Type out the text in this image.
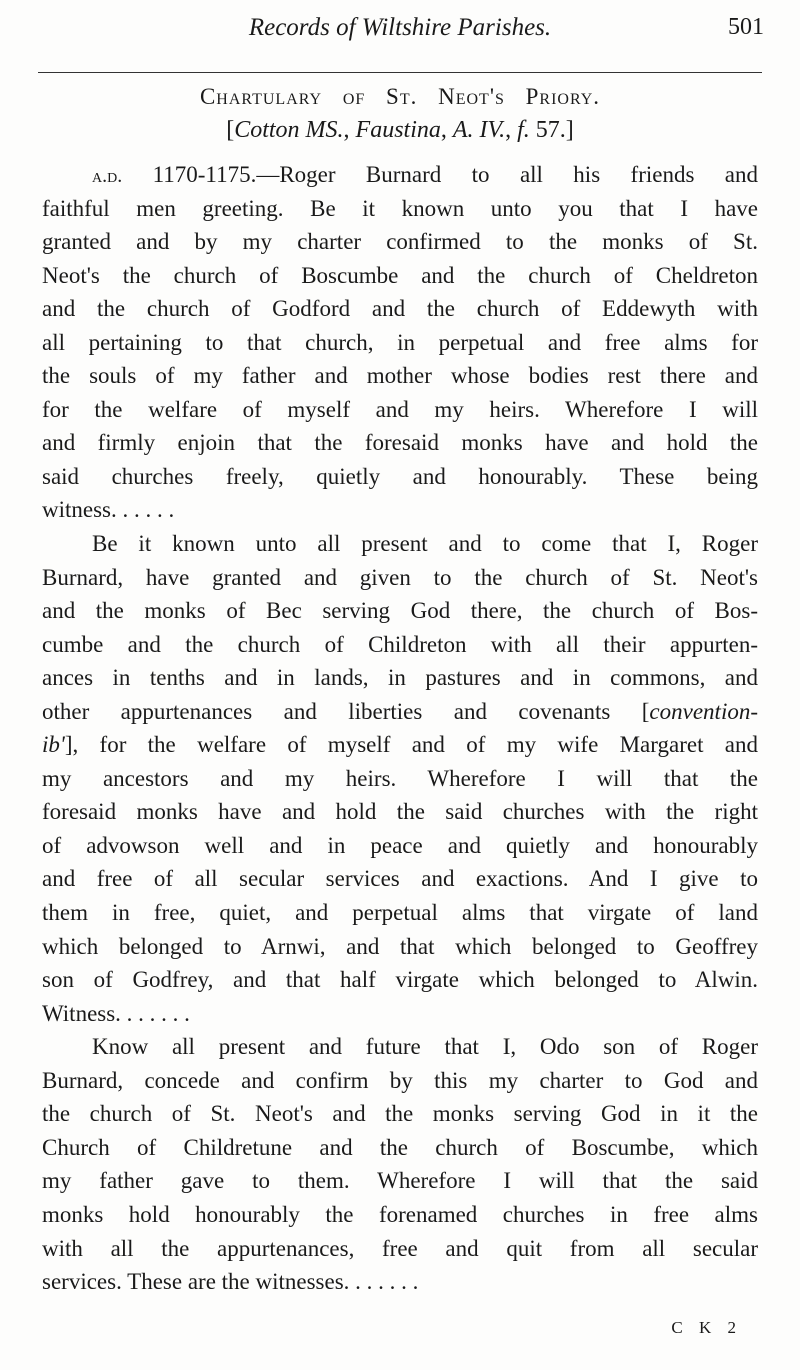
Records of Wiltshire Parishes.	501
Chartulary of St. Neot's Priory.
[Cotton MS., Faustina, A. IV., f. 57.]
a.d. 1170-1175.—Roger Burnard to all his friends and
faithful men greeting. Be it known unto you that I have
granted and by my charter confirmed to the monks of St.
Neot's the church of Boscumbe and the church of Cheldreton
and the church of Godford and the church of Eddewyth with
all pertaining to that church, in perpetual and free alms for
the souls of my father and mother whose bodies rest there and
for the welfare of myself and my heirs. Wherefore I will
and firmly enjoin that the foresaid monks have and hold the
said churches freely, quietly and honourably. These being
witness. . . . . .
Be it known unto all present and to come that I, Roger
Burnard, have granted and given to the church of St. Neot's
and the monks of Bec serving God there, the church of Bos-
cumbe and the church of Childreton with all their appurten-
ances in tenths and in lands, in pastures and in commons, and
other appurtenances and liberties and covenants [convention-
ib'], for the welfare of myself and of my wife Margaret and
my ancestors and my heirs. Wherefore I will that the
foresaid monks have and hold the said churches with the right
of advowson well and in peace and quietly and honourably
and free of all secular services and exactions. And I give to
them in free, quiet, and perpetual alms that virgate of land
which belonged to Arnwi, and that which belonged to Geoffrey
son of Godfrey, and that half virgate which belonged to Alwin.
Witness. . . . . . .
Know all present and future that I, Odo son of Roger
Burnard, concede and confirm by this my charter to God and
the church of St. Neot's and the monks serving God in it the
Church of Childretune and the church of Boscumbe, which
my father gave to them. Wherefore I will that the said
monks hold honourably the forenamed churches in free alms
with all the appurtenances, free and quit from all secular
services. These are the witnesses. . . . . . .
C K 2
